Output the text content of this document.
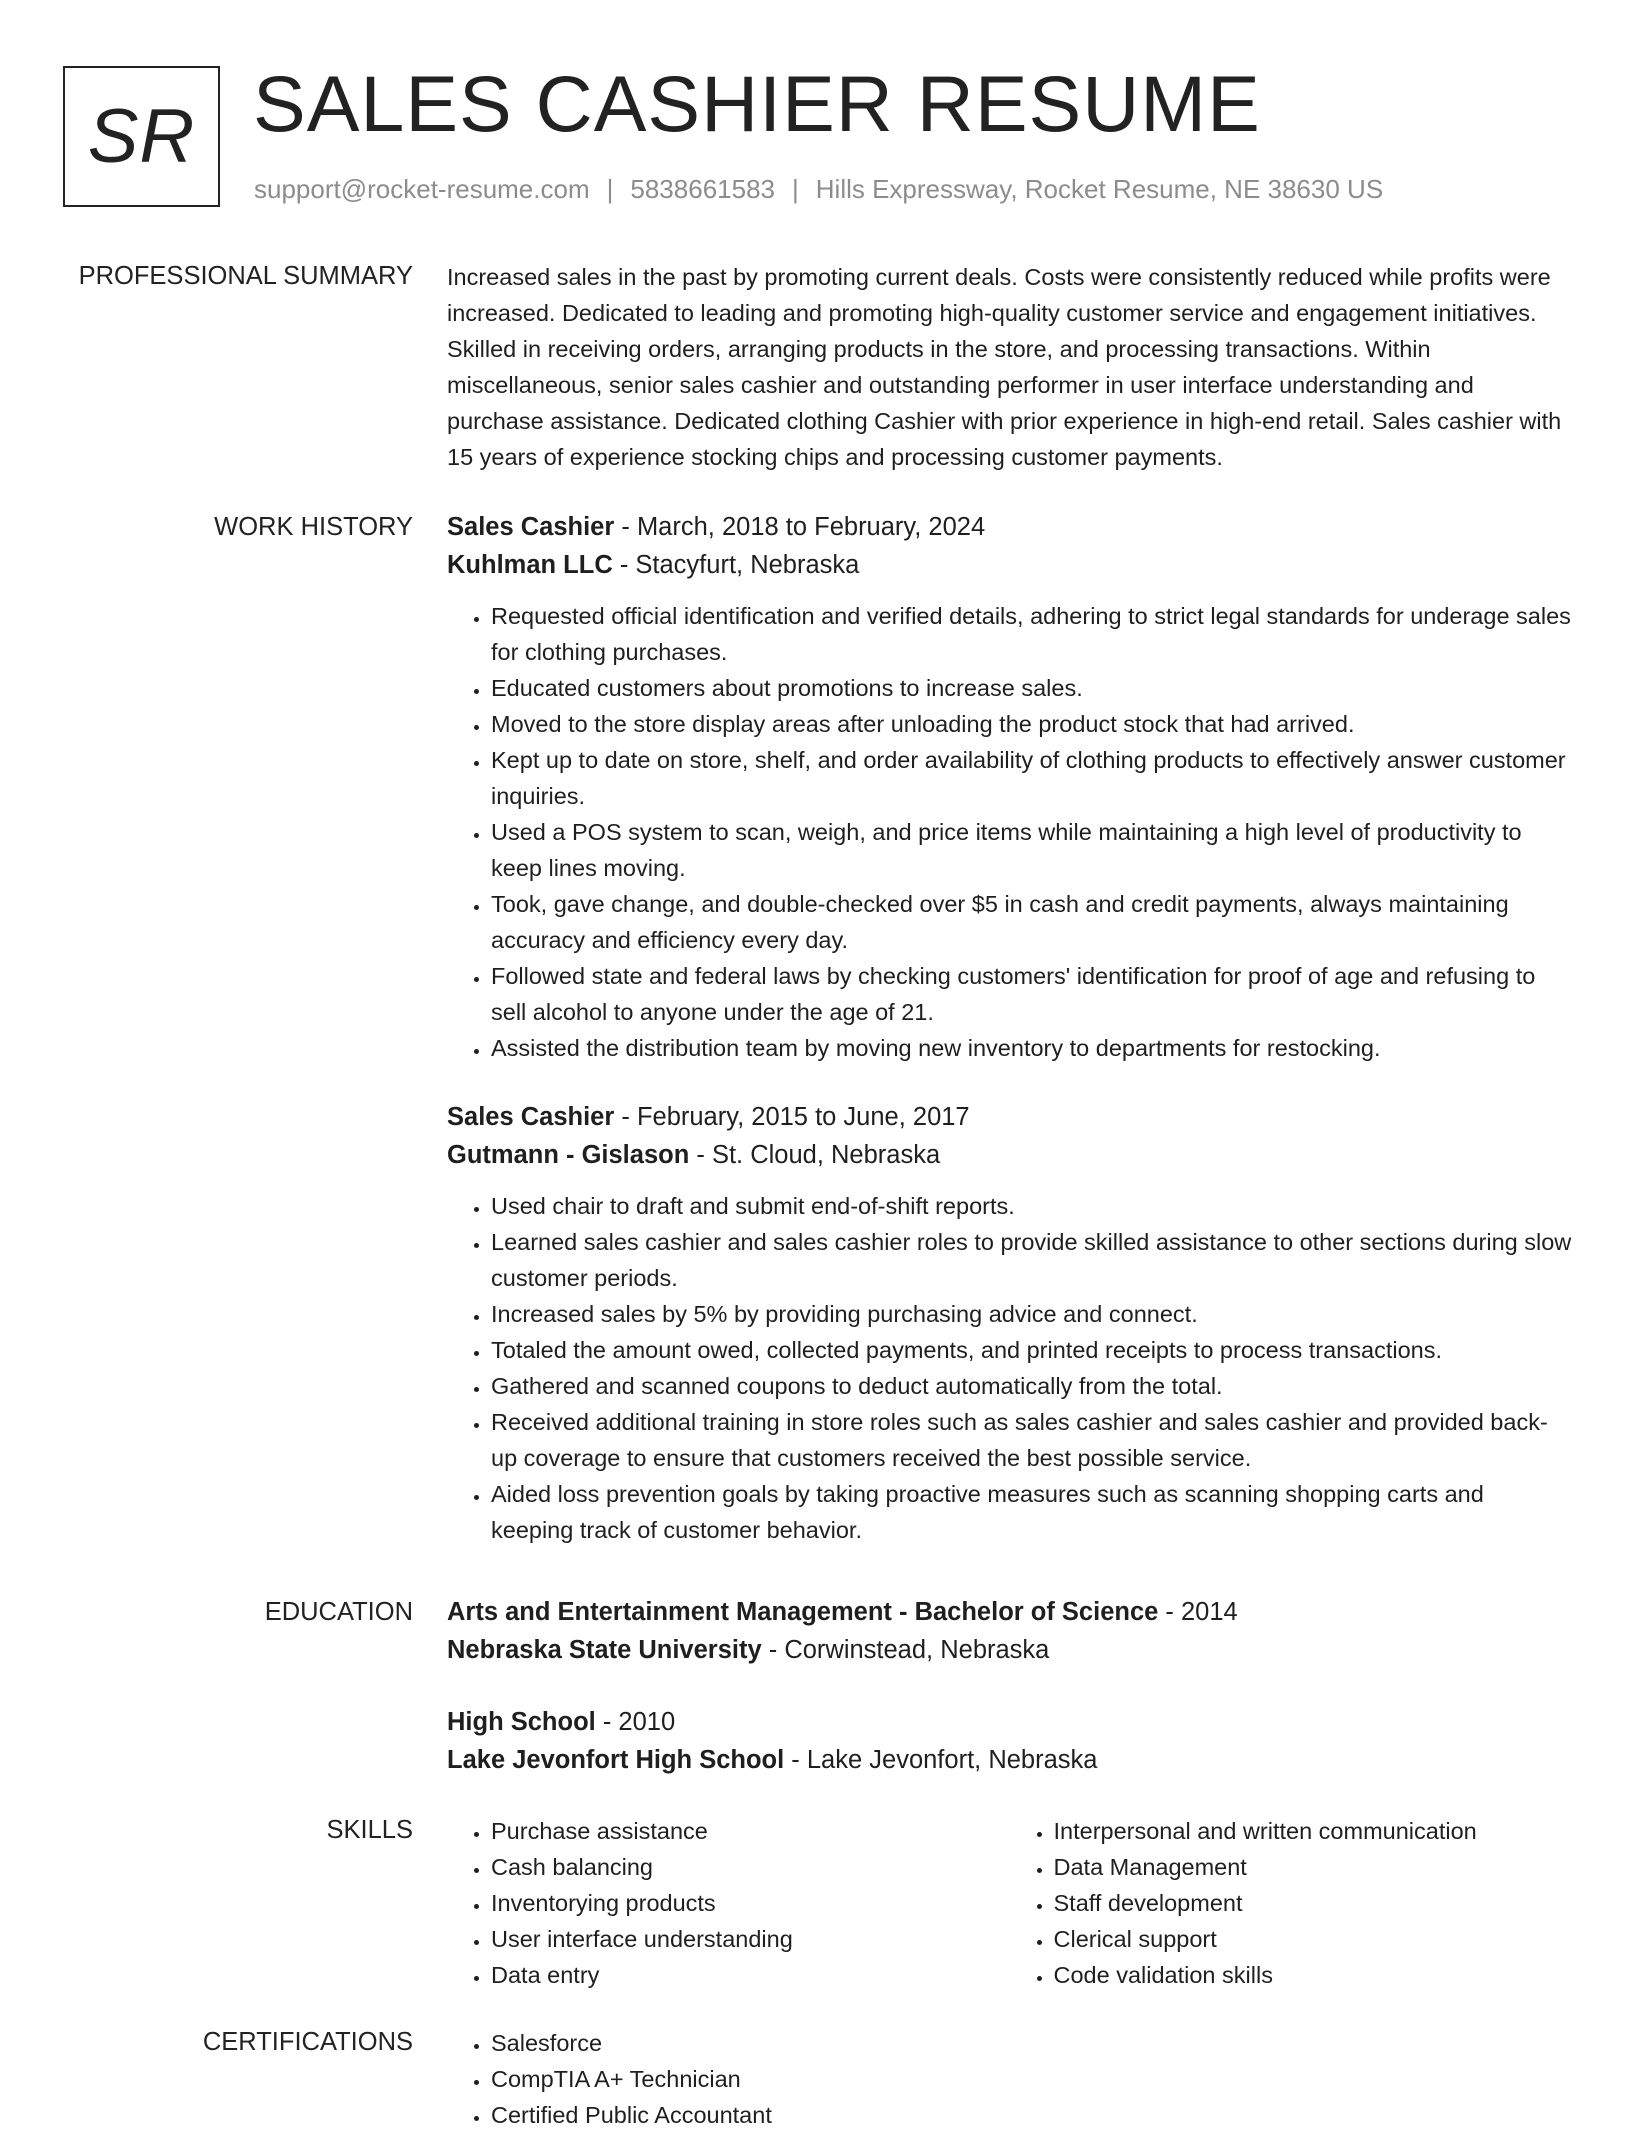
SR SALES CASHIER RESUME
support@rocket-resume.com | 5838661583 | Hills Expressway, Rocket Resume, NE 38630 US
PROFESSIONAL SUMMARY Increased sales in the past by promoting current deals. Costs were consistently reduced while profits were increased. Dedicated to leading and promoting high-quality customer service and engagement initiatives. Skilled in receiving orders, arranging products in the store, and processing transactions. Within miscellaneous, senior sales cashier and outstanding performer in user interface understanding and purchase assistance. Dedicated clothing Cashier with prior experience in high-end retail. Sales cashier with 15 years of experience stocking chips and processing customer payments.

WORK HISTORY Sales Cashier - March, 2018 to February, 2024
Kuhlman LLC - Stacyfurt, Nebraska
• Requested official identification and verified details, adhering to strict legal standards for underage sales for clothing purchases.
• Educated customers about promotions to increase sales.
• Moved to the store display areas after unloading the product stock that had arrived.
• Kept up to date on store, shelf, and order availability of clothing products to effectively answer customer inquiries.
• Used a POS system to scan, weigh, and price items while maintaining a high level of productivity to keep lines moving.
• Took, gave change, and double-checked over $5 in cash and credit payments, always maintaining accuracy and efficiency every day.
• Followed state and federal laws by checking customers' identification for proof of age and refusing to sell alcohol to anyone under the age of 21.
• Assisted the distribution team by moving new inventory to departments for restocking.
Sales Cashier - February, 2015 to June, 2017
Gutmann - Gislason - St. Cloud, Nebraska
• Used chair to draft and submit end-of-shift reports.
• Learned sales cashier and sales cashier roles to provide skilled assistance to other sections during slow customer periods.
• Increased sales by 5% by providing purchasing advice and connect.
• Totaled the amount owed, collected payments, and printed receipts to process transactions.
• Gathered and scanned coupons to deduct automatically from the total.
• Received additional training in store roles such as sales cashier and sales cashier and provided back-up coverage to ensure that customers received the best possible service.
• Aided loss prevention goals by taking proactive measures such as scanning shopping carts and keeping track of customer behavior.
EDUCATION Arts and Entertainment Management - Bachelor of Science - 2014
Nebraska State University - Corwinstead, Nebraska
High School - 2010
Lake Jevonfort High School - Lake Jevonfort, Nebraska
SKILLS	• Purchase assistance
• Cash balancing
• Inventorying products
• User interface understanding
• Data entry
• Interpersonal and written communication
• Data Management
• Staff development
• Clerical support
• Code validation skills
CERTIFICATIONS	• Salesforce
• CompTIA A+ Technician
• Certified Public Accountant
